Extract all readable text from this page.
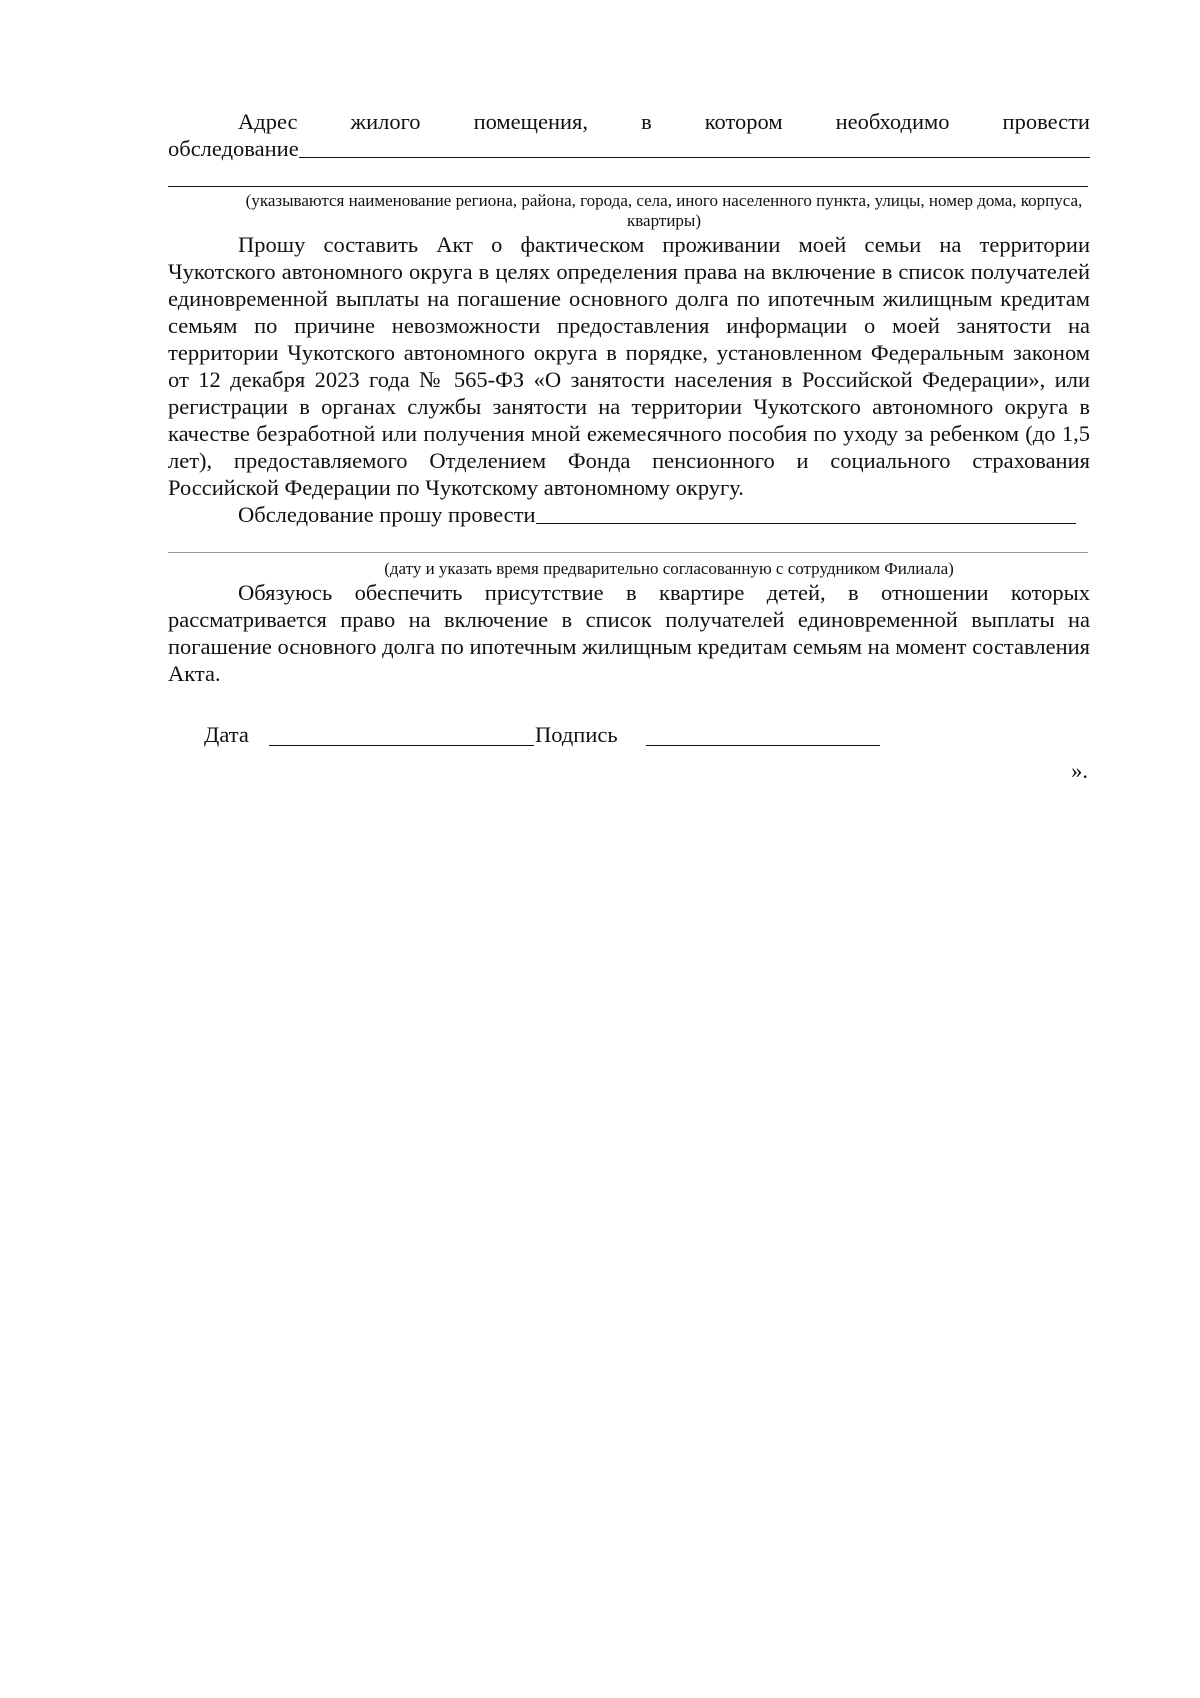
Адрес жилого помещения, в котором необходимо провести
обследование
(указываются наименование региона, района, города, села, иного населенного пункта, улицы, номер дома, корпуса, квартиры)
Прошу составить Акт о фактическом проживании моей семьи на территории Чукотского автономного округа в целях определения права на включение в список получателей единовременной выплаты на погашение основного долга по ипотечным жилищным кредитам семьям по причине невозможности предоставления информации о моей занятости на территории Чукотского автономного округа в порядке, установленном Федеральным законом от 12 декабря 2023 года № 565-ФЗ «О занятости населения в Российской Федерации», или регистрации в органах службы занятости на территории Чукотского автономного округа в качестве безработной или получения мной ежемесячного пособия по уходу за ребенком (до 1,5 лет), предоставляемого Отделением Фонда пенсионного и социального страхования Российской Федерации по Чукотскому автономному округу.
Обследование прошу провести
(дату и указать время предварительно согласованную с сотрудником Филиала)
Обязуюсь обеспечить присутствие в квартире детей, в отношении которых рассматривается право на включение в список получателей единовременной выплаты на погашение основного долга по ипотечным жилищным кредитам семьям на момент составления Акта.
Дата	Подпись
».
